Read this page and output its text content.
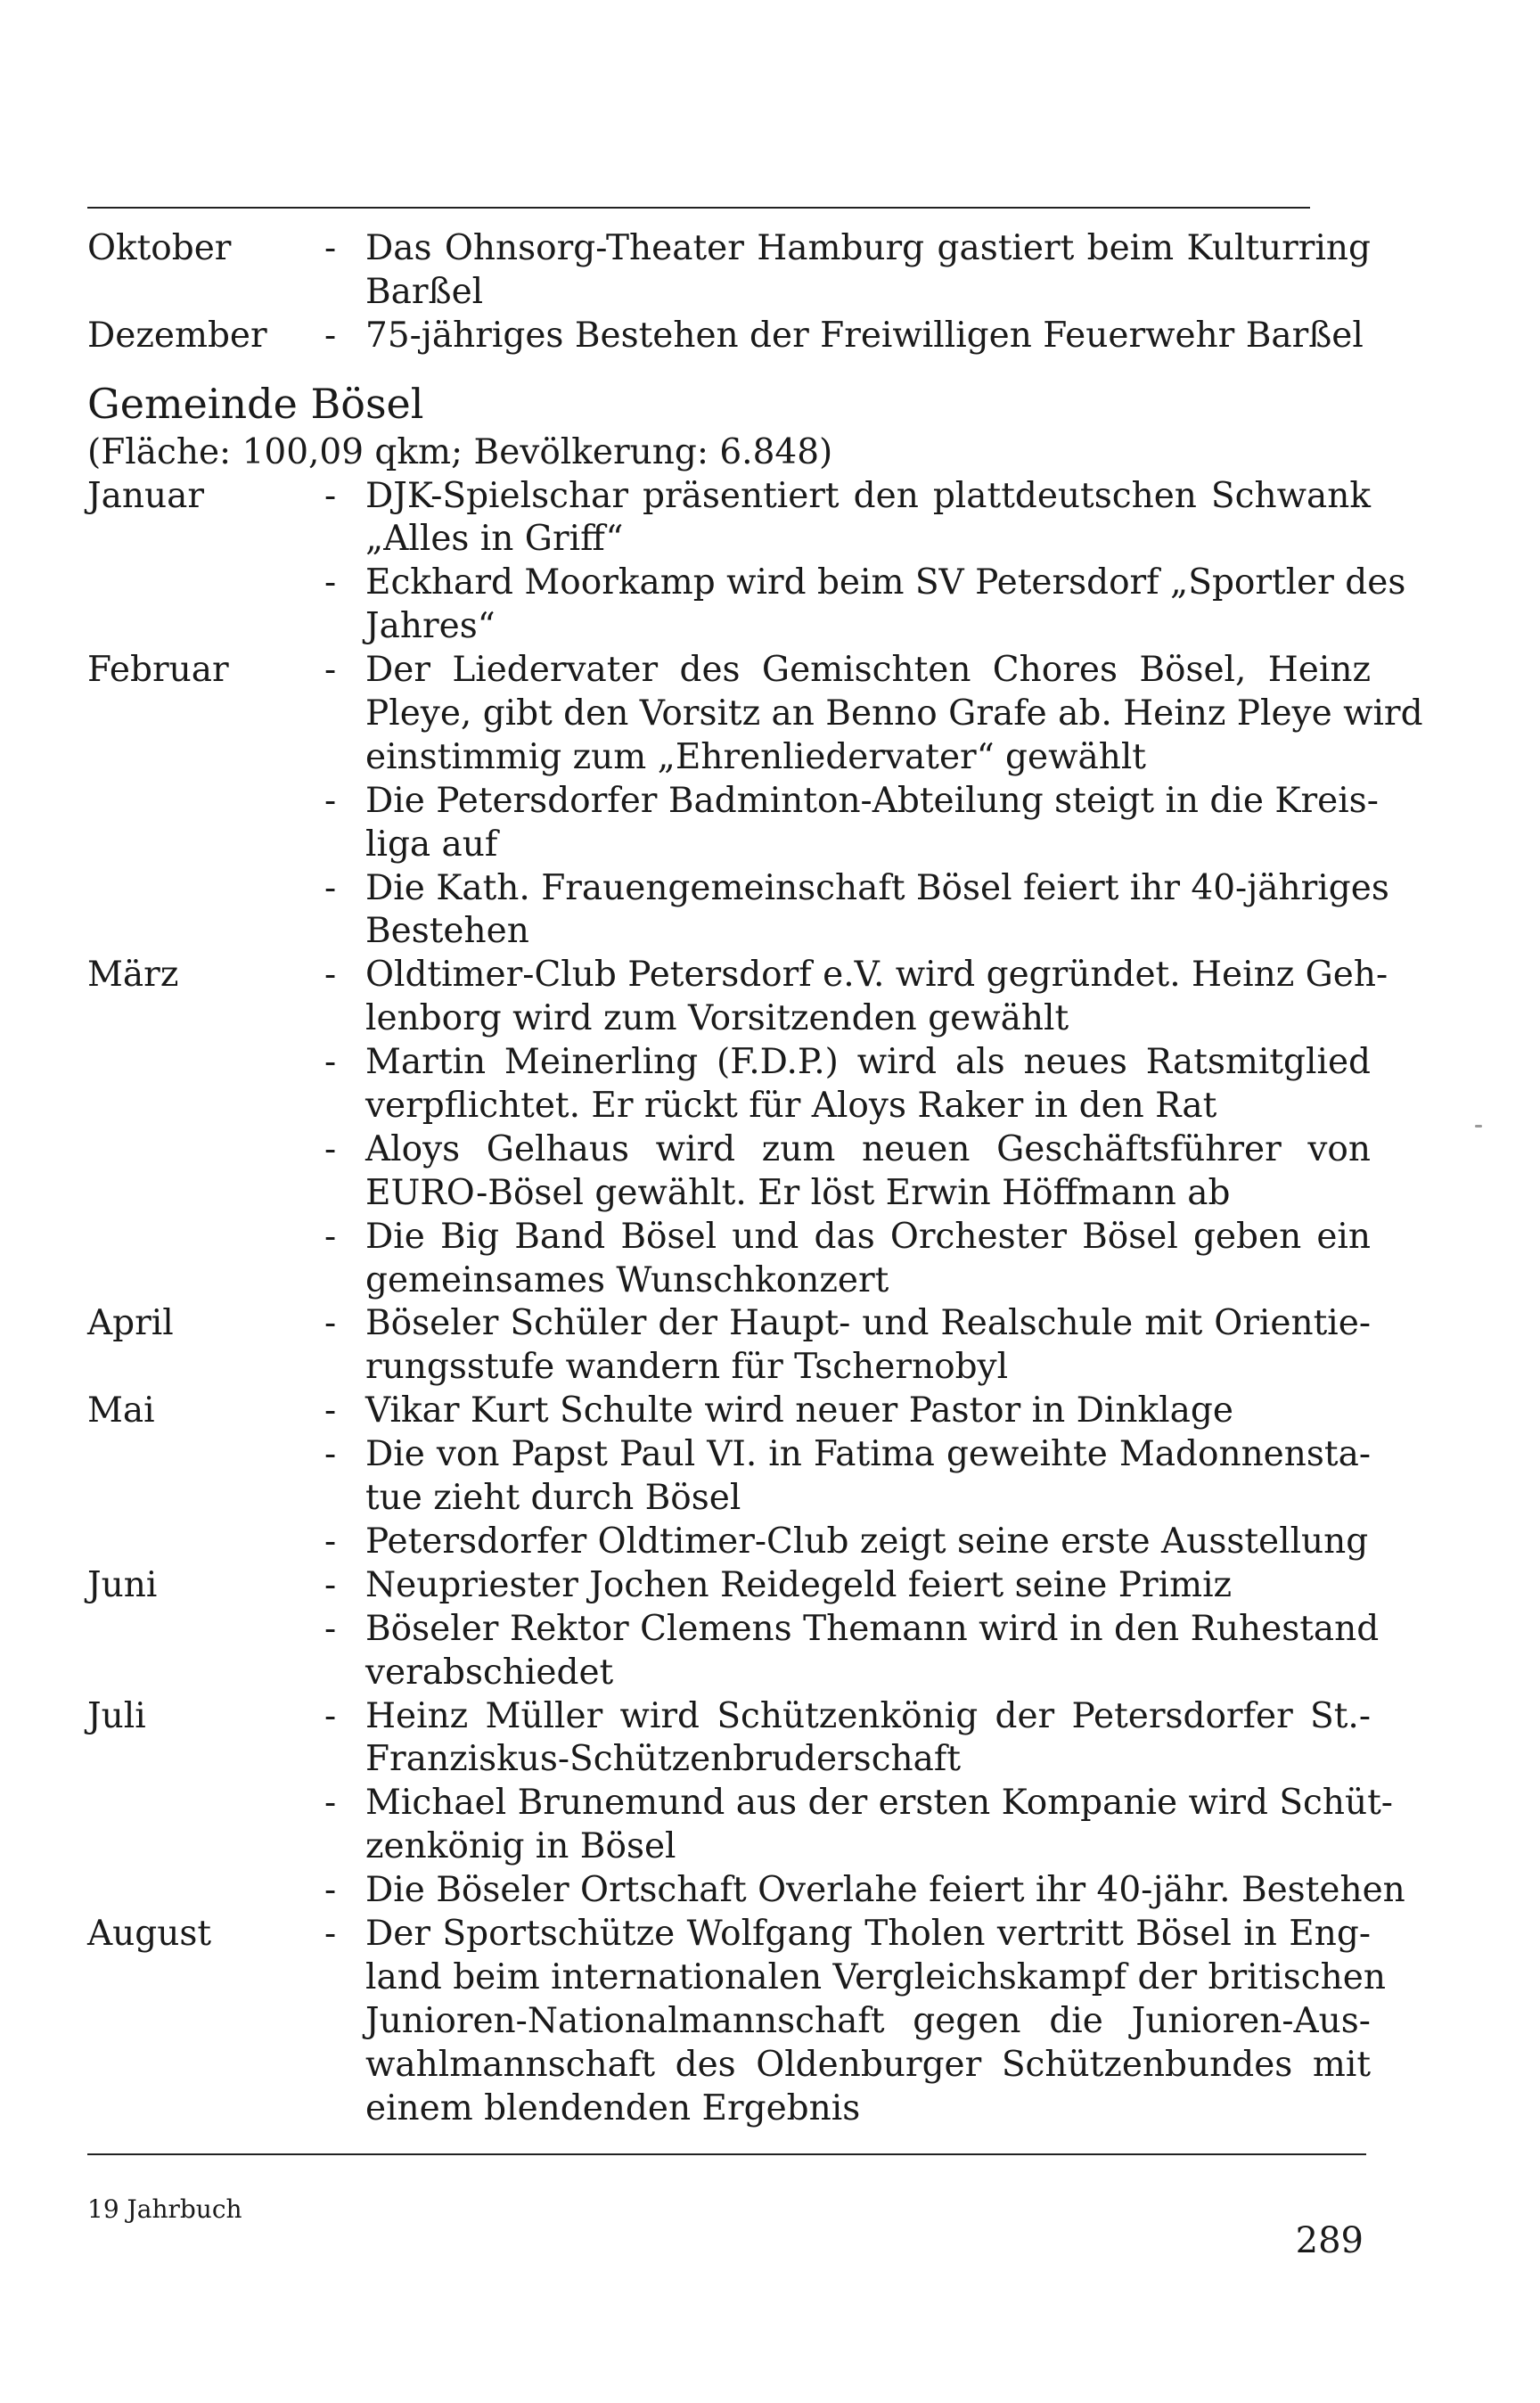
Oktober	- Das Ohnsorg-Theater Hamburg gastiert beim Kulturring
Barßel
Dezember - 75-jähriges Bestehen der Freiwilligen Feuerwehr Barßel
Gemeinde Bösel
(Fläche: 100,09 qkm; Bevölkerung: 6.848)
Januar	- DJK-Spielschar präsentiert den plattdeutschen Schwank
„Alles in Griff“
- Eckhard Moorkamp wird beim SV Petersdorf „Sportler des
Jahres“
Februar	- Der Liedervater des Gemischten Chores Bösel, Heinz
Pleye, gibt den Vorsitz an Benno Grafe ab. Heinz Pleye wird
einstimmig zum „Ehrenliedervater“ gewählt
- Die Petersdorfer Badminton-Abteilung steigt in die Kreis-
liga auf
- Die Kath. Frauengemeinschaft Bösel feiert ihr 40-jähriges
Bestehen
März	- Oldtimer-Club Petersdorf e.V. wird gegründet. Heinz Geh-
lenborg wird zum Vorsitzenden gewählt
- Martin Meinerling (F.D.P.) wird als neues Ratsmitglied
verpflichtet. Er rückt für Aloys Raker in den Rat
- Aloys Gelhaus wird zum neuen Geschäftsführer von
EURO-Bösel gewählt. Er löst Erwin Höffmann ab
- Die Big Band Bösel und das Orchester Bösel geben ein
gemeinsames Wunschkonzert
April	- Böseler Schüler der Haupt- und Realschule mit Orientie-
rungsstufe wandern für Tschernobyl
Mai	- Vikar Kurt Schulte wird neuer Pastor in Dinklage
- Die von Papst Paul VI. in Fatima geweihte Madonnensta-
tue zieht durch Bösel
- Petersdorfer Oldtimer-Club zeigt seine erste Ausstellung
Juni	- Neupriester Jochen Reidegeld feiert seine Primiz
- Böseler Rektor Clemens Themann wird in den Ruhestand
verabschiedet
Juli	- Heinz Müller wird Schützenkönig der Petersdorfer St.-
Franziskus-Schützenbruderschaft
- Michael Brunemund aus der ersten Kompanie wird Schüt-
zenkönig in Bösel
- Die Böseler Ortschaft Overlahe feiert ihr 40-jähr. Bestehen
August	- Der Sportschütze Wolfgang Tholen vertritt Bösel in Eng-
land beim internationalen Vergleichskampf der britischen
Junioren-Nationalmannschaft gegen die Junioren-Aus-
wahlmannschaft des Oldenburger Schützenbundes mit
einem blendenden Ergebnis
19 Jahrbuch
289
